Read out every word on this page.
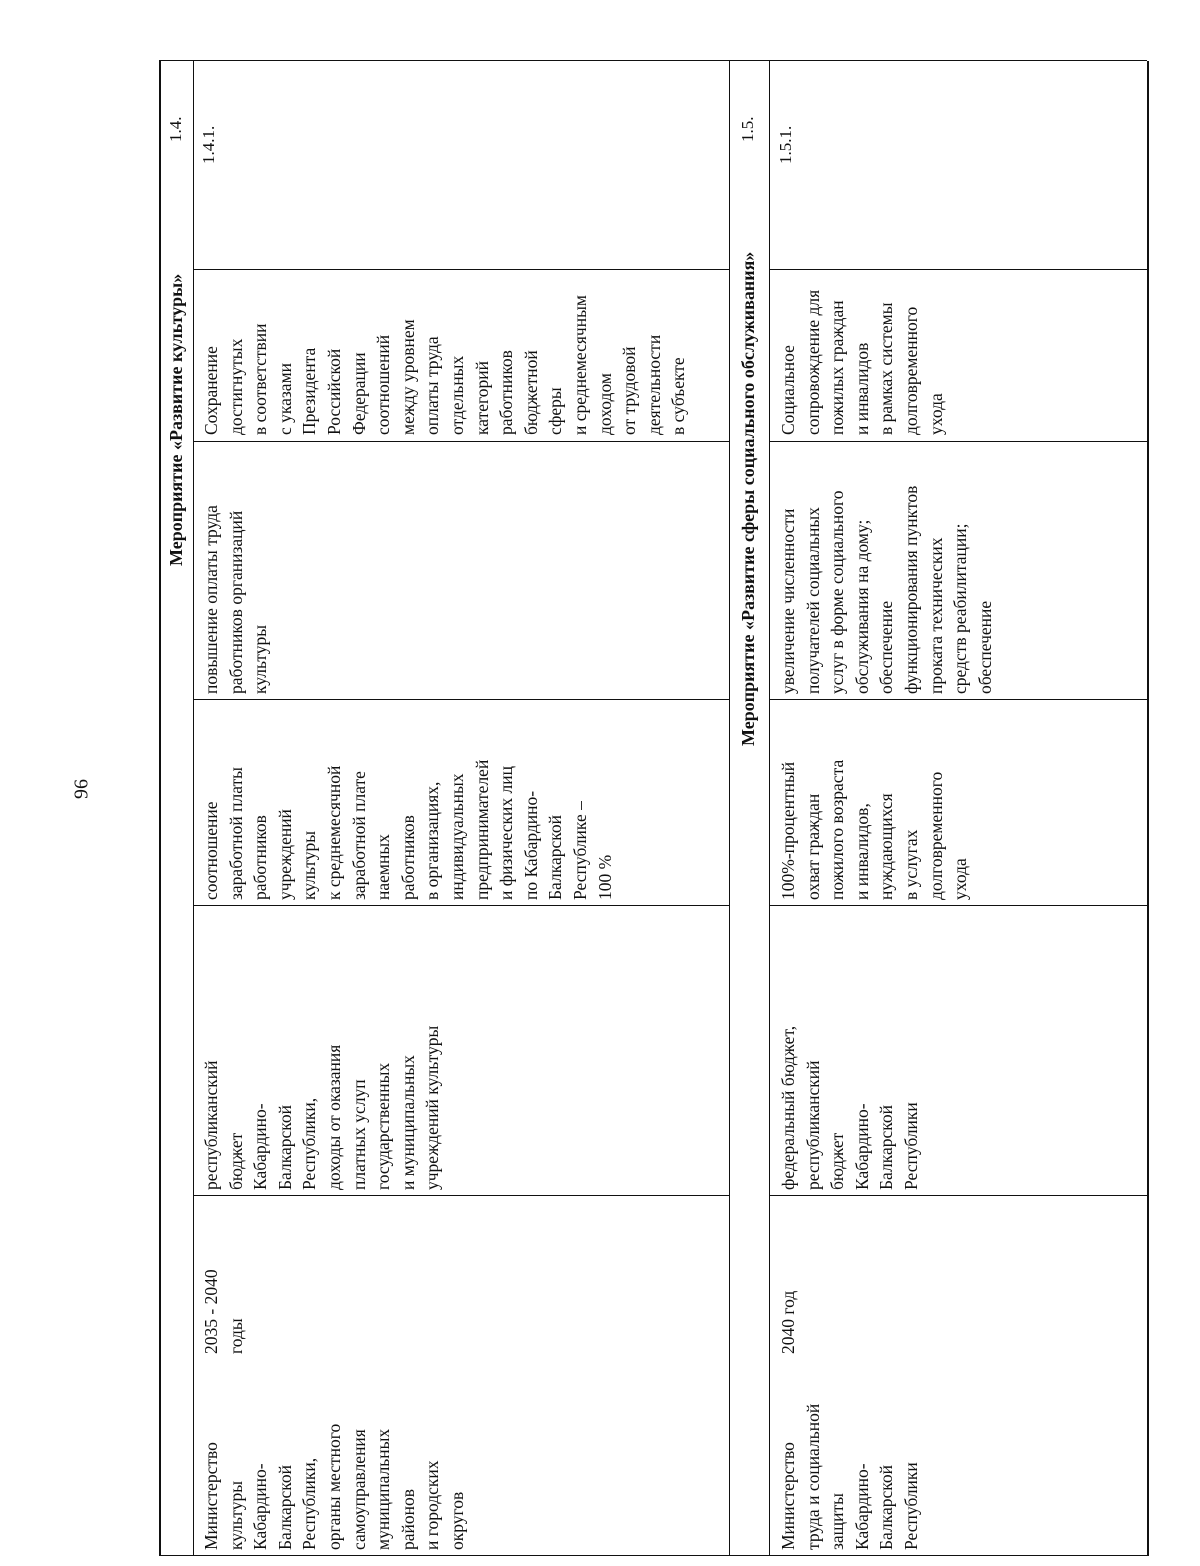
96
1.4.
Мероприятие «Развитие культуры»
1.4.1.
Сохранение достигнутых в соответствии с указами Президента Российской Федерации соотношений между уровнем оплаты труда отдельных категорий работников бюджетной сферы и среднемесячным доходом от трудовой деятельности в субъекте
повышение оплаты труда работников организаций культуры
соотношение заработной платы работников учреждений культуры к среднемесячной заработной плате наемных работников в организациях, индивидуальных предпринимателей и физических лиц по Кабардино- Балкарской Республике – 100 %
республиканский бюджет Кабардино- Балкарской Республики, доходы от оказания платных услуп государственных и муниципальных учреждений культуры
2035 - 2040 годы
Министерство культуры Кабардино- Балкарской Республики, органы местного самоуправления муниципальных районов и городских округов
1.5.
Мероприятие «Развитие сферы социального обслуживания»
1.5.1.
Социальное сопровождение для пожилых граждан и инвалидов в рамках системы долговременного ухода
увеличение численности получателей социальных услуг в форме социального обслуживания на дому; обеспечение функционирования пунктов проката технических средств реабилитации; обеспечение
100%-процентный охват граждан пожилого возраста и инвалидов, нуждающихся в услугах долговременного ухода
федеральный бюджет, республиканский бюджет Кабардино- Балкарской Республики
2040 год
Министерство труда и социальной защиты Кабардино- Балкарской Республики
